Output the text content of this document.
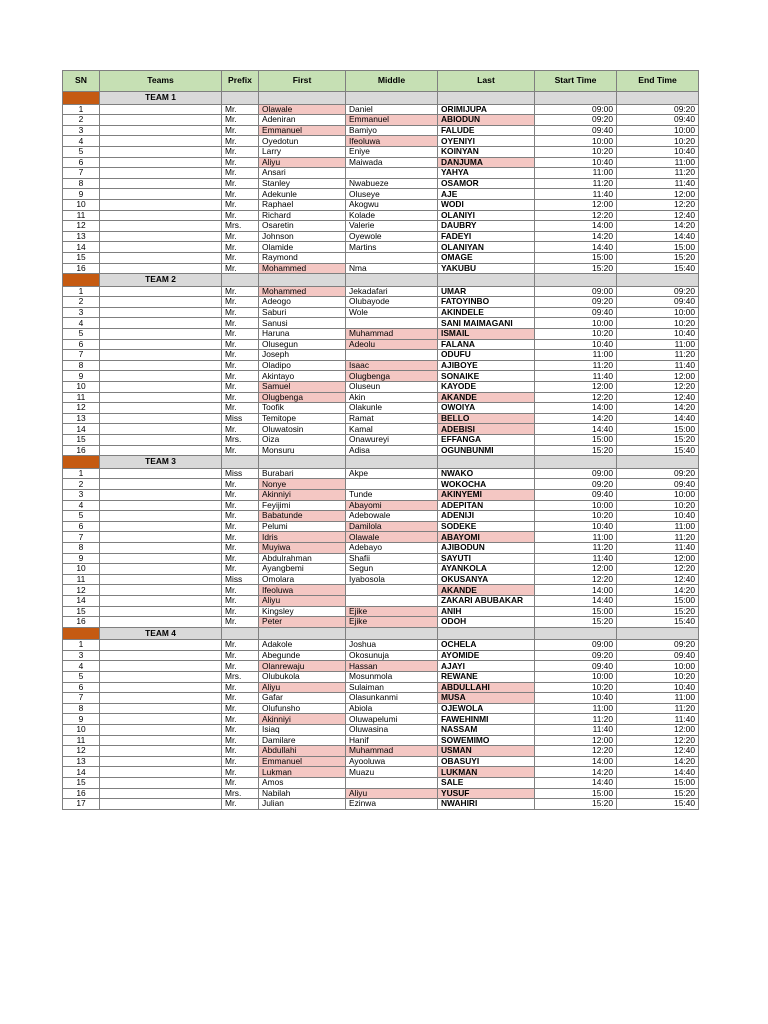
SN	Teams	Prefix	First	Middle	Last	Start Time	End Time
	TEAM 1						
1		Mr.	Olawale	Daniel	ORIMIJUPA	09:00	09:20
2		Mr.	Adeniran	Emmanuel	ABIODUN	09:20	09:40
3		Mr.	Emmanuel	Bamiyo	FALUDE	09:40	10:00
4		Mr.	Oyedotun	Ifeoluwa	OYENIYI	10:00	10:20
5		Mr.	Larry	Eniye	KOINYAN	10:20	10:40
6		Mr.	Aliyu	Maiwada	DANJUMA	10:40	11:00
7		Mr.	Ansari		YAHYA	11:00	11:20
8		Mr.	Stanley	Nwabueze	OSAMOR	11:20	11:40
9		Mr.	Adekunle	Oluseye	AJE	11:40	12:00
10		Mr.	Raphael	Akogwu	WODI	12:00	12:20
11		Mr.	Richard	Kolade	OLANIYI	12:20	12:40
12		Mrs.	Osaretin	Valerie	DAUBRY	14:00	14:20
13		Mr.	Johnson	Oyewole	FADEYI	14:20	14:40
14		Mr.	Olamide	Martins	OLANIYAN	14:40	15:00
15		Mr.	Raymond		OMAGE	15:00	15:20
16		Mr.	Mohammed	Nma	YAKUBU	15:20	15:40
	TEAM 2						
1		Mr.	Mohammed	Jekadafari	UMAR	09:00	09:20
2		Mr.	Adeogo	Olubayode	FATOYINBO	09:20	09:40
3		Mr.	Saburi	Wole	AKINDELE	09:40	10:00
4		Mr.	Sanusi		SANI MAIMAGANI	10:00	10:20
5		Mr.	Haruna	Muhammad	ISMAIL	10:20	10:40
6		Mr.	Olusegun	Adeolu	FALANA	10:40	11:00
7		Mr.	Joseph		ODUFU	11:00	11:20
8		Mr.	Oladipo	Isaac	AJIBOYE	11:20	11:40
9		Mr.	Akintayo	Olugbenga	SONAIKE	11:40	12:00
10		Mr.	Samuel	Oluseun	KAYODE	12:00	12:20
11		Mr.	Olugbenga	Akin	AKANDE	12:20	12:40
12		Mr.	Toofik	Olakunle	OWOIYA	14:00	14:20
13		Miss	Temitope	Ramat	BELLO	14:20	14:40
14		Mr.	Oluwatosin	Kamal	ADEBISI	14:40	15:00
15		Mrs.	Oiza	Onawureyi	EFFANGA	15:00	15:20
16		Mr.	Monsuru	Adisa	OGUNBUNMI	15:20	15:40
	TEAM 3						
1		Miss	Burabari	Akpe	NWAKO	09:00	09:20
2		Mr.	Nonye		WOKOCHA	09:20	09:40
3		Mr.	Akinniyi	Tunde	AKINYEMI	09:40	10:00
4		Mr.	Feyijimi	Abayomi	ADEPITAN	10:00	10:20
5		Mr.	Babatunde	Adebowale	ADENIJI	10:20	10:40
6		Mr.	Pelumi	Damilola	SODEKE	10:40	11:00
7		Mr.	Idris	Olawale	ABAYOMI	11:00	11:20
8		Mr.	Muyiwa	Adebayo	AJIBODUN	11:20	11:40
9		Mr.	Abdulrahman	Shafii	SAYUTI	11:40	12:00
10		Mr.	Ayangbemi	Segun	AYANKOLA	12:00	12:20
11		Miss	Omolara	Iyabosola	OKUSANYA	12:20	12:40
12		Mr.	Ifeoluwa		AKANDE	14:00	14:20
14		Mr.	Aliyu		ZAKARI ABUBAKAR	14:40	15:00
15		Mr.	Kingsley	Ejike	ANIH	15:00	15:20
16		Mr.	Peter	Ejike	ODOH	15:20	15:40
	TEAM 4						
1		Mr.	Adakole	Joshua	OCHELA	09:00	09:20
3		Mr.	Abegunde	Okosunuja	AYOMIDE	09:20	09:40
4		Mr.	Olanrewaju	Hassan	AJAYI	09:40	10:00
5		Mrs.	Olubukola	Mosunmola	REWANE	10:00	10:20
6		Mr.	Aliyu	Sulaiman	ABDULLAHI	10:20	10:40
7		Mr.	Gafar	Olasunkanmi	MUSA	10:40	11:00
8		Mr.	Olufunsho	Abiola	OJEWOLA	11:00	11:20
9		Mr.	Akinniyi	Oluwapelumi	FAWEHINMI	11:20	11:40
10		Mr.	Isiaq	Oluwasina	NASSAM	11:40	12:00
11		Mr.	Damilare	Hanif	SOWEMIMO	12:00	12:20
12		Mr.	Abdullahi	Muhammad	USMAN	12:20	12:40
13		Mr.	Emmanuel	Ayooluwa	OBASUYI	14:00	14:20
14		Mr.	Lukman	Muazu	LUKMAN	14:20	14:40
15		Mr.	Amos		SALE	14:40	15:00
16		Mrs.	Nabilah	Aliyu	YUSUF	15:00	15:20
17		Mr.	Julian	Ezinwa	NWAHIRI	15:20	15:40
